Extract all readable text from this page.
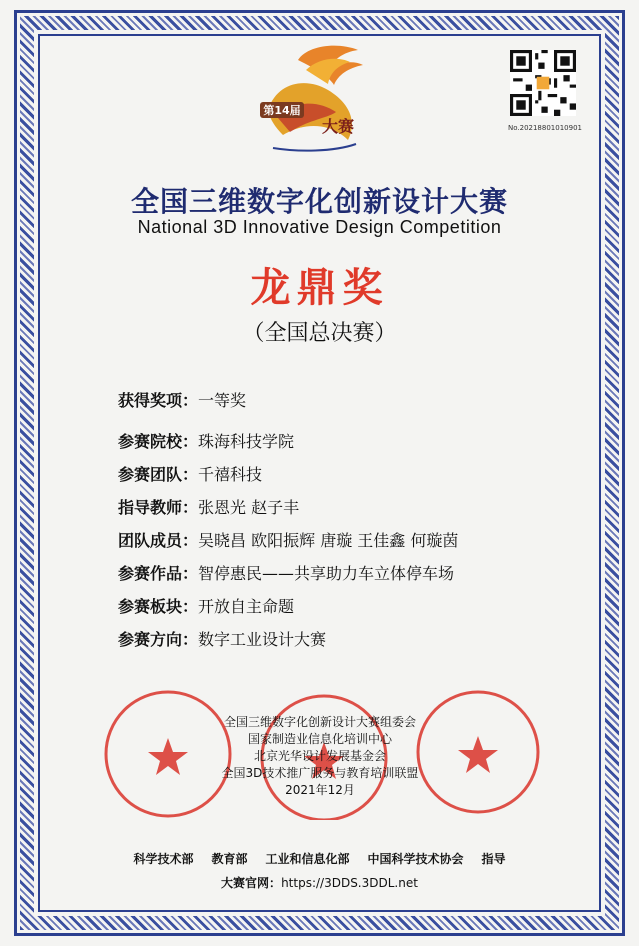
第14届
大赛	No.20218801010901
全国三维数字化创新设计大赛
National 3D Innovative Design Competition
龙鼎奖
（全国总决赛）
获得奖项：一等奖
参赛院校：珠海科技学院
参赛团队：千禧科技
指导教师：张恩光 赵子丰
团队成员：吴晓昌 欧阳振辉 唐璇 王佳鑫 何璇茵
参赛作品：智停惠民——共享助力车立体停车场
参赛板块：开放自主命题
参赛方向：数字工业设计大赛
全国三维数字化创新设计大赛组委会
国家制造业信息化培训中心
北京光华设计发展基金会
全国3D技术推广服务与教育培训联盟
2021年12月
科学技术部 教育部 工业和信息化部 中国科学技术协会 指导
大赛官网：https://3DDS.3DDL.net
